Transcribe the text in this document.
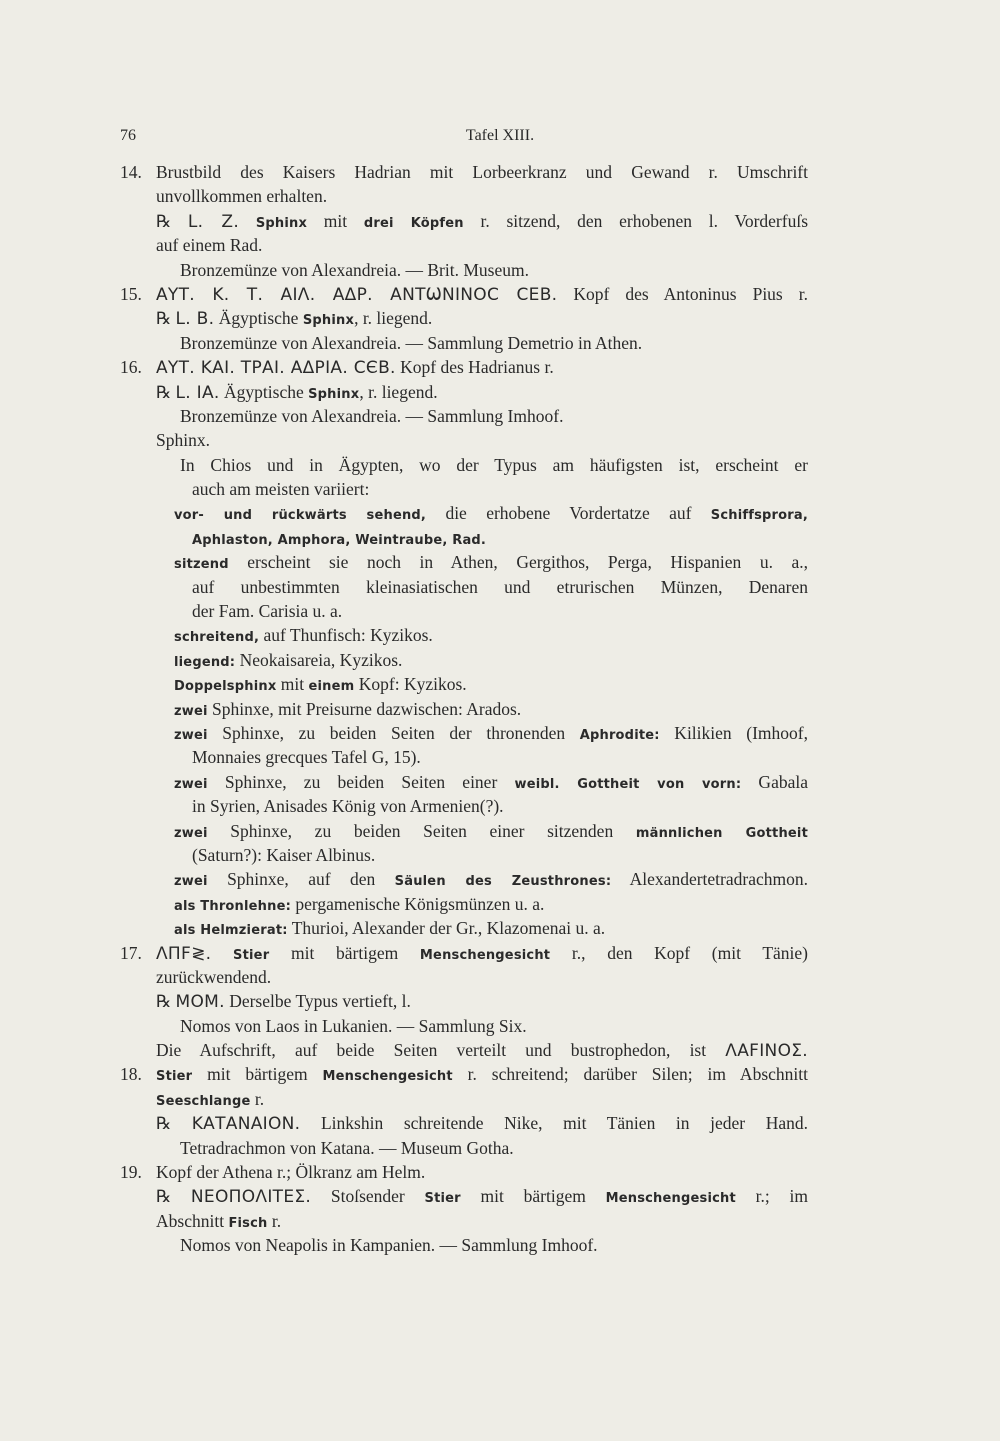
76	Tafel XIII.
14. Brustbild des Kaisers Hadrian mit Lorbeerkranz und Gewand r. Umschrift
unvollkommen erhalten.
℞ L. Z. Sphinx mit drei Köpfen r. sitzend, den erhobenen l. Vorderfuſs
auf einem Rad.
Bronzemünze von Alexandreia. — Brit. Museum.
15. ΑΥΤ. Κ. Τ. ΑΙΛ. ΑΔΡ. ΑΝΤѠΝΙΝΟϹ ϹΕΒ. Kopf des Antoninus Pius r.
℞ L. Β. Ägyptische Sphinx, r. liegend.
Bronzemünze von Alexandreia. — Sammlung Demetrio in Athen.
16. ΑΥΤ. ΚΑΙ. ΤΡΑΙ. ΑΔΡΙΑ. ϹЄΒ. Kopf des Hadrianus r.
℞ L. ΙΑ. Ägyptische Sphinx, r. liegend.
Bronzemünze von Alexandreia. — Sammlung Imhoof.
Sphinx.
In Chios und in Ägypten, wo der Typus am häufigsten ist, erscheint er
auch am meisten variiert:
vor- und rückwärts sehend, die erhobene Vordertatze auf Schiffsprora,
Aphlaston, Amphora, Weintraube, Rad.
sitzend erscheint sie noch in Athen, Gergithos, Perga, Hispanien u. a.,
auf unbestimmten kleinasiatischen und etrurischen Münzen, Denaren
der Fam. Carisia u. a.
schreitend, auf Thunfisch: Kyzikos.
liegend: Neokaisareia, Kyzikos.
Doppelsphinx mit einem Kopf: Kyzikos.
zwei Sphinxe, mit Preisurne dazwischen: Arados.
zwei Sphinxe, zu beiden Seiten der thronenden Aphrodite: Kilikien (Imhoof,
Monnaies grecques Tafel G, 15).
zwei Sphinxe, zu beiden Seiten einer weibl. Gottheit von vorn: Gabala
in Syrien, Anisades König von Armenien(?).
zwei Sphinxe, zu beiden Seiten einer sitzenden männlichen Gottheit
(Saturn?): Kaiser Albinus.
zwei Sphinxe, auf den Säulen des Zeusthrones: Alexandertetradrachmon.
als Thronlehne: pergamenische Königsmünzen u. a.
als Helmzierat: Thurioi, Alexander der Gr., Klazomenai u. a.
17. ΛΠϜ≷. Stier mit bärtigem Menschengesicht r., den Kopf (mit Tänie)
zurückwendend.
℞ ΜΟΜ. Derselbe Typus vertieft, l.
Nomos von Laos in Lukanien. — Sammlung Six.
Die Aufschrift, auf beide Seiten verteilt und bustrophedon, ist ΛΑFΙΝΟΣ.
18. Stier mit bärtigem Menschengesicht r. schreitend; darüber Silen; im Abschnitt
Seeschlange r.
℞ ΚΑΤΑΝΑΙΟΝ. Linkshin schreitende Nike, mit Tänien in jeder Hand.
Tetradrachmon von Katana. — Museum Gotha.
19. Kopf der Athena r.; Ölkranz am Helm.
℞ ΝΕΟΠΟΛΙΤΕΣ. Stoſsender Stier mit bärtigem Menschengesicht r.; im
Abschnitt Fisch r.
Nomos von Neapolis in Kampanien. — Sammlung Imhoof.
